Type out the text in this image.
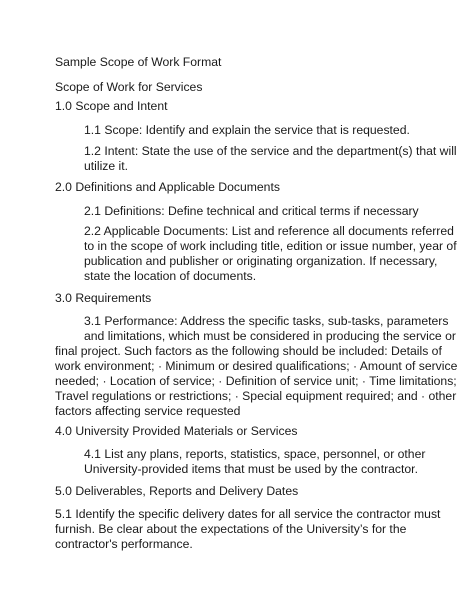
Sample Scope of Work Format

Scope of Work for Services

1.0 Scope and Intent

1.1 Scope: Identify and explain the service that is requested.

1.2 Intent: State the use of the service and the department(s) that will

utilize it.

2.0 Definitions and Applicable Documents

2.1 Definitions: Define technical and critical terms if necessary

2.2 Applicable Documents: List and reference all documents referred

to in the scope of work including title, edition or issue number, year of

publication and publisher or originating organization. If necessary,

state the location of documents.

3.0 Requirements

3.1 Performance: Address the specific tasks, sub-tasks, parameters

and limitations, which must be considered in producing the service or

final project. Such factors as the following should be included: Details of

work environment; · Minimum or desired qualifications; · Amount of service

needed; · Location of service; · Definition of service unit; · Time limitations;

Travel regulations or restrictions; · Special equipment required; and · other

factors affecting service requested

4.0 University Provided Materials or Services

4.1 List any plans, reports, statistics, space, personnel, or other

University-provided items that must be used by the contractor.

5.0 Deliverables, Reports and Delivery Dates

5.1 Identify the specific delivery dates for all service the contractor must

furnish. Be clear about the expectations of the University’s for the

contractor's performance.
